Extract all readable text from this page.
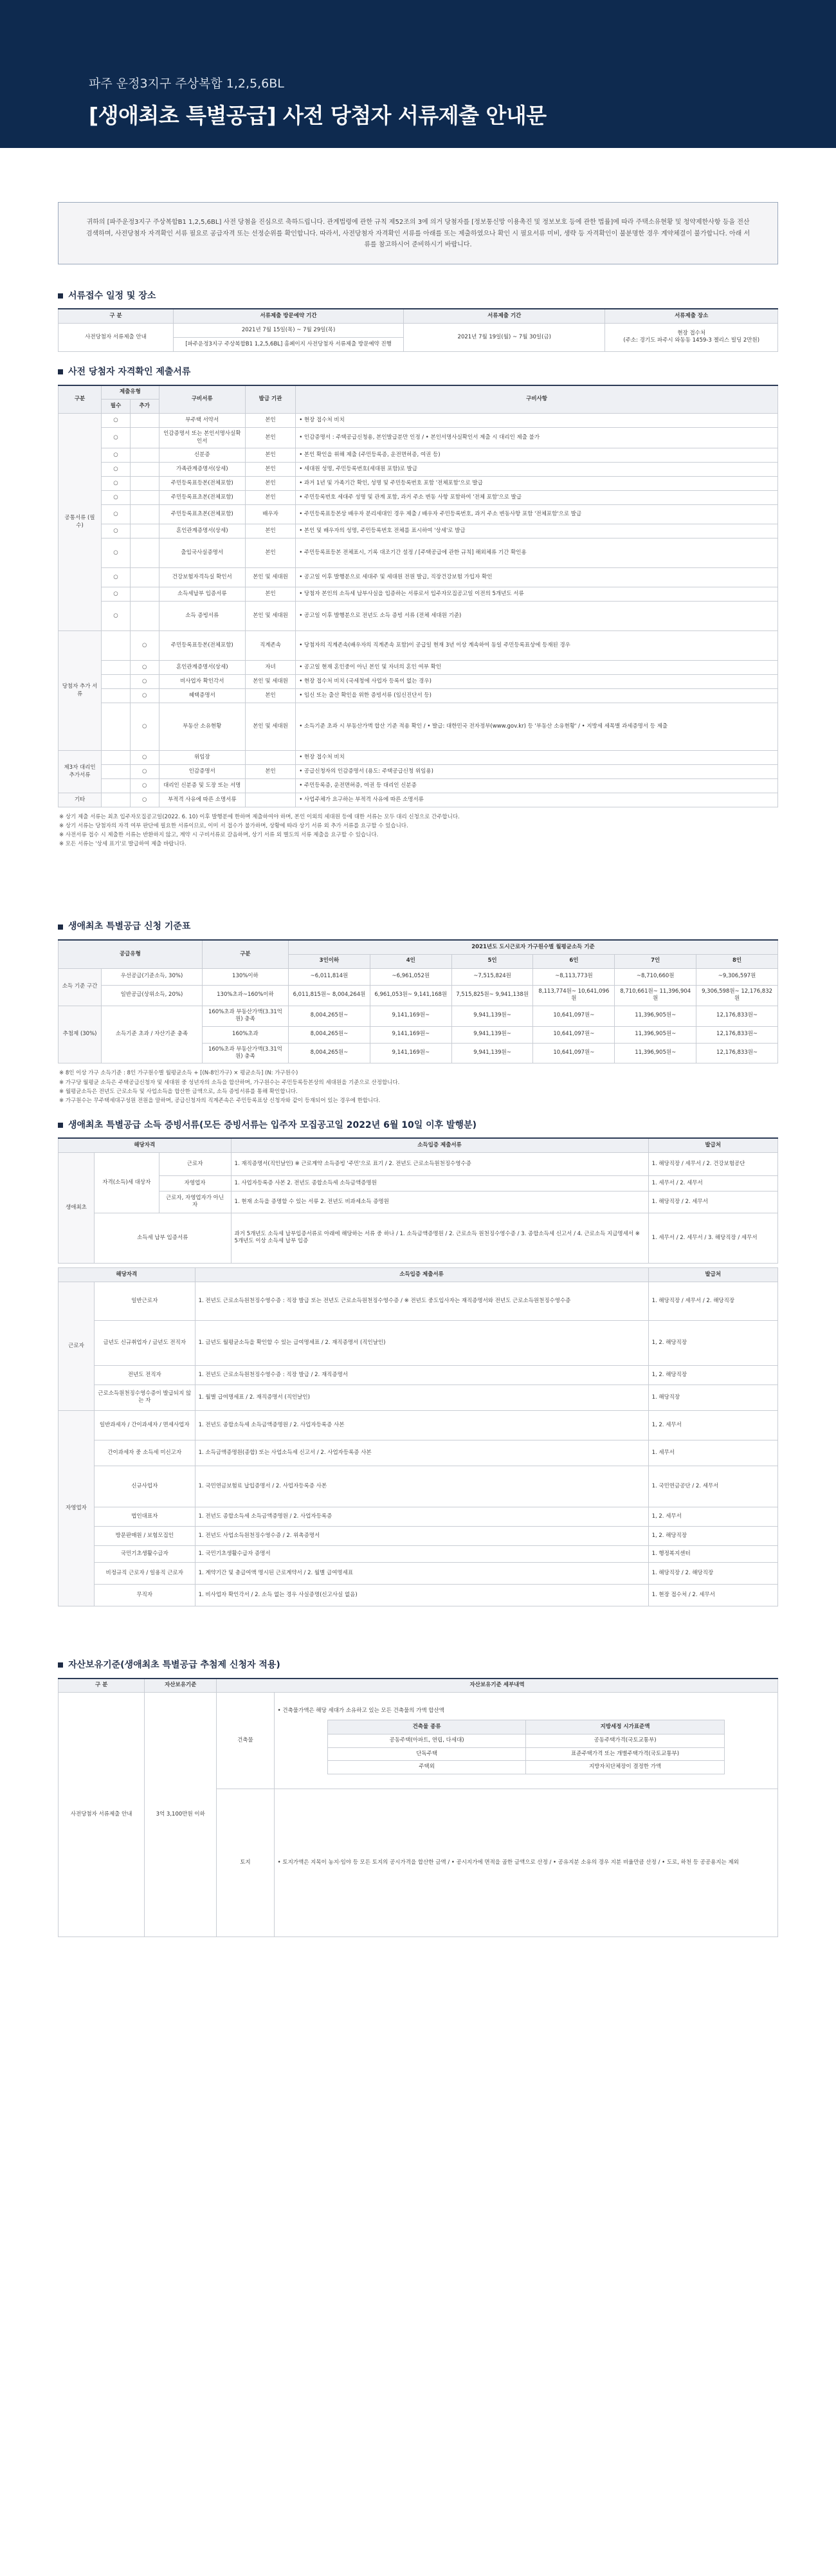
파주 운정3지구 주상복합 1,2,5,6BL
[생애최초 특별공급] 사전 당첨자 서류제출 안내문
귀하의 [파주운정3지구 주상복합B1 1,2,5,6BL] 사전 당첨을 진심으로 축하드립니다. 관계법령에 관한 규칙 제52조의 3에 의거 당첨자를 [정보통신망 이용촉진 및 정보보호 등에 관한 법률]에 따라 주택소유현황 및 청약제한사항 등을 전산 검색하며, 사전당첨자 자격확인 서류 필요로 공급자격 또는 선정순위를 확인합니다. 따라서, 사전당첨자 자격확인 서류를 아래를 또는 제출하였으나 확인 시 필요서류 미비, 생략 등 자격확인이 불분명한 경우 계약체결이 불가합니다. 아래 서류를 참고하시어 준비하시기 바랍니다.
서류접수 일정 및 장소
구 분	서류제출 방문예약 기간	서류제출 기간	서류제출 장소
사전당첨자 서류제출 안내	2021년 7월 15일(목) ~ 7월 29일(목)	2021년 7월 19일(월) ~ 7월 30일(금)	현장 접수처
(주소: 경기도 파주시 와동동 1459-3 젤리스 빌딩 2만원)

	[파주운정3지구 주상복합B1 1,2,5,6BL] 홈페이지 사전당첨자 서류제출 방문예약 진행		
사전 당첨자 자격확인 제출서류
구분	제출유형		구비서류	발급 기관	구비사항
	필수	추가			
공통서류 (필수)	○		부주택 서약서	본인	• 현장 접수처 비치
	○		인감증명서 또는 본인서명사실확인서	본인	• 인감증명서 : 주택공급신청용, 본인발급분만 인정 / • 본인서명사실확인서 제출 시 대리인 제출 불가
	○		신분증	본인	• 본인 확인을 위해 제출 (주민등록증, 운전면허증, 여권 등)
	○		가족관계증명서(상세)	본인	• 세대원 성명, 주민등록번호(세대원 포함)로 발급
	○		주민등록표등본(전체포함)	본인	• 과거 1년 및 가족기간 확인, 성명 및 주민등록번호 포함 '전체포함'으로 발급
	○		주민등록표초본(전체포함)	본인	• 주민등록번호 세대주 성명 및 관계 포함, 과거 주소 변동 사항 포함하여 '전체 포함'으로 발급
	○		주민등록표초본(전체포함)	배우자	• 주민등록표등본상 배우자 분리세대인 경우 제출 / 배우자 주민등록번호, 과거 주소 변동사항 포함 '전체포함'으로 발급
	○		혼인관계증명서(상세)	본인	• 본인 및 배우자의 성명, 주민등록번호 전체를 표시하여 '상세'로 발급
	○		출입국사실증명서	본인	• 주민등록표등본 전체표시, 기록 대조기간 설정 / [주택공급에 관한 규칙] 해외체류 기간 확인용
	○		건강보험자격득실 확인서	본인 및 세대원	• 공고일 이후 발행분으로 세대주 및 세대원 전원 발급, 직장건강보험 가입자 확인
	○		소득세납부 입증서류	본인	• 당첨자 본인의 소득세 납부사실을 입증하는 서류로서 입주자모집공고일 이전의 5개년도 서류
	○		소득 증빙서류	본인 및 세대원	• 공고일 이후 발행분으로 전년도 소득 증빙 서류 (전체 세대원 기준)
당첨자 추가 서류		○	주민등록표등본(전체포함)	직계존속	• 당첨자의 직계존속(배우자의 직계존속 포함)이 공급일 현재 3년 이상 계속하여 동일 주민등록표상에 등재된 경우
		○	혼인관계증명서(상세)	자녀	• 공고일 현재 혼인중이 아닌 본인 및 자녀의 혼인 여부 확인
		○	비사업자 확인각서	본인 및 세대원	• 현장 접수처 비치 (국세청에 사업자 등록이 없는 경우)
		○	혜택증명서	본인	• 임신 또는 출산 확인을 위한 증빙서류 (임신진단서 등)
		○	부동산 소유현황	본인 및 세대원	• 소득기준 초과 시 부동산가액 합산 기준 적용 확인 / • 발급: 대한민국 전자정부(www.gov.kr) 등 '부동산 소유현황' / • 지방세 세목별 과세증명서 등 제출
제3자 대리인 추가서류		○	위임장		• 현장 접수처 비치
		○	인감증명서	본인	• 공급신청자의 인감증명서 (용도: 주택공급신청 위임용)
		○	대리인 신분증 및 도장 또는 서명		• 주민등록증, 운전면허증, 여권 등 대리인 신분증
기타		○	부적격 사유에 따른 소명서류		• 사업주체가 요구하는 부적격 사유에 따른 소명서류
※ 상기 제출 서류는 최초 입주자모집공고일(2022. 6. 10) 이후 발행분에 한하며 제출하여야 하며, 본인 이외의 세대원 등에 대한 서류는 모두 대리 신청으로 간주합니다.
※ 상기 서류는 당첨자의 자격 여부 판단에 필요한 서류이므로, 이미 서 접수가 불가하며, 상황에 따라 상기 서류 외 추가 서류를 요구할 수 있습니다.
※ 사전서류 접수 시 제출한 서류는 반환하지 않고, 계약 시 구비서류로 갈음하며, 상기 서류 외 별도의 서류 제출을 요구할 수 있습니다.
※ 모든 서류는 '상세 표기'로 발급하여 제출 바랍니다.
생애최초 특별공급 신청 기준표
공급유형		구분	2021년도 도시근로자 가구원수별 월평균소득 기준					
			3인이하	4인	5인	6인	7인	8인
소득 기준 구간	우선공급(기준소득, 30%)	130%이하	~6,011,814원	~6,961,052원	~7,515,824원	~8,113,773원	~8,710,660원	~9,306,597원
	일반공급(상위소득, 20%)	130%초과~160%이하	6,011,815원~ 8,004,264원	6,961,053원~ 9,141,168원	7,515,825원~ 9,941,138원	8,113,774원~ 10,641,096원	8,710,661원~ 11,396,904원	9,306,598원~ 12,176,832원
추첨제 (30%)	소득기준 초과 / 자산기준 충족	160%초과 부동산가액(3.31억원) 충족	8,004,265원~	9,141,169원~	9,941,139원~	10,641,097원~	11,396,905원~	12,176,833원~
		160%초과	8,004,265원~	9,141,169원~	9,941,139원~	10,641,097원~	11,396,905원~	12,176,833원~
		160%초과 부동산가액(3.31억원) 충족	8,004,265원~	9,141,169원~	9,941,139원~	10,641,097원~	11,396,905원~	12,176,833원~
※ 8인 이상 가구 소득기준 : 8인 가구원수별 월평균소득 + [(N-8인가구) × 평균소득] (N: 가구원수)
※ 가구당 월평균 소득은 주택공급신청자 및 세대원 중 성년자의 소득을 합산하며, 가구원수는 주민등록등본상의 세대원을 기준으로 산정합니다.
※ 월평균소득은 전년도 근로소득 및 사업소득을 합산한 금액으로, 소득 증빙서류를 통해 확인합니다.
※ 가구원수는 무주택세대구성원 전원을 말하며, 공급신청자의 직계존속은 주민등록표상 신청자와 같이 등재되어 있는 경우에 한합니다.
생애최초 특별공급 소득 증빙서류(모든 증빙서류는 입주자 모집공고일 2022년 6월 10일 이후 발행분)
해당자격			소득입증 제출서류	발급처
생애최초	자격(소득)세 대상자	근로자	1. 재직증명서(직인날인) ※ 근로계약 소득증빙 '주민'으로 표기 / 2. 전년도 근로소득원천징수영수증	1. 해당직장 / 세무서 / 2. 건강보험공단
		자영업자	1. 사업자등록증 사본 2. 전년도 종합소득세 소득금액증명원	1. 세무서 / 2. 세무서
		근로자, 자영업자가 아닌 자	1. 현재 소득을 증명할 수 있는 서류 2. 전년도 비과세소득 증명원	1. 해당직장 / 2. 세무서
	소득세 납부 입증서류		과거 5개년도 소득세 납부입증서류로 아래에 해당하는 서류 중 하나 / 1. 소득금액증명원 / 2. 근로소득 원천징수영수증 / 3. 종합소득세 신고서 / 4. 근로소득 지급명세서 ※ 5개년도 이상 소득세 납부 입증	1. 세무서 / 2. 세무서 / 3. 해당직장 / 세무서
해당자격		소득입증 제출서류	발급처
근로자	일반근로자	1. 전년도 근로소득원천징수영수증 : 직장 발급 또는 전년도 근로소득원천징수영수증 / ※ 전년도 중도입사자는 재직증명서와 전년도 근로소득원천징수영수증	1. 해당직장 / 세무서 / 2. 해당직장
	금년도 신규취업자 / 금년도 전직자	1. 금년도 월평균소득을 확인할 수 있는 급여명세표 / 2. 재직증명서 (직인날인)	1, 2. 해당직장
	전년도 전직자	1. 전년도 근로소득원천징수영수증 : 직장 발급 / 2. 재직증명서	1, 2. 해당직장
	근로소득원천징수영수증이 발급되지 않는 자	1. 월별 급여명세표 / 2. 재직증명서 (직인날인)	1. 해당직장
자영업자	일반과세자 / 간이과세자 / 면세사업자	1. 전년도 종합소득세 소득금액증명원 / 2. 사업자등록증 사본	1, 2. 세무서
	간이과세자 중 소득세 미신고자	1. 소득금액증명원(종합) 또는 사업소득세 신고서 / 2. 사업자등록증 사본	1. 세무서
	신규사업자	1. 국민연금보험료 납입증명서 / 2. 사업자등록증 사본	1. 국민연금공단 / 2. 세무서
	법인대표자	1. 전년도 종합소득세 소득금액증명원 / 2. 사업자등록증	1, 2. 세무서
	방문판매원 / 보험모집인	1. 전년도 사업소득원천징수영수증 / 2. 위촉증명서	1, 2. 해당직장
	국민기초생활수급자	1. 국민기초생활수급자 증명서	1. 행정복지센터
	비정규직 근로자 / 일용직 근로자	1. 계약기간 및 총급여액 명시된 근로계약서 / 2. 월별 급여명세표	1. 해당직장 / 2. 해당직장
	무직자	1. 비사업자 확인각서 / 2. 소득 없는 경우 사실증명(신고사실 없음)	1. 현장 접수처 / 2. 세무서
자산보유기준(생애최초 특별공급 추첨제 신청자 적용)
구 분	자산보유기준	자산보유기준 세부내역
사전당첨자 서류제출 안내	3억 3,100만원 이하	건축물	
• 건축물가액은 해당 세대가 소유하고 있는 모든 건축물의 가액 합산액
건축물 종류	지방세정 시가표준액
공동주택(아파트, 연립, 다세대)	공동주택가격(국토교통부)
단독주택	표준주택가격 또는 개별주택가격(국토교통부)
주택외	지방자치단체장이 결정한 가액

토지	• 토지가액은 지목이 농지·임야 등 모든 토지의 공시가격을 합산한 금액 / • 공시지가에 면적을 곱한 금액으로 산정 / • 공유지분 소유의 경우 지분 비율만큼 산정 / • 도로, 하천 등 공공용지는 제외
